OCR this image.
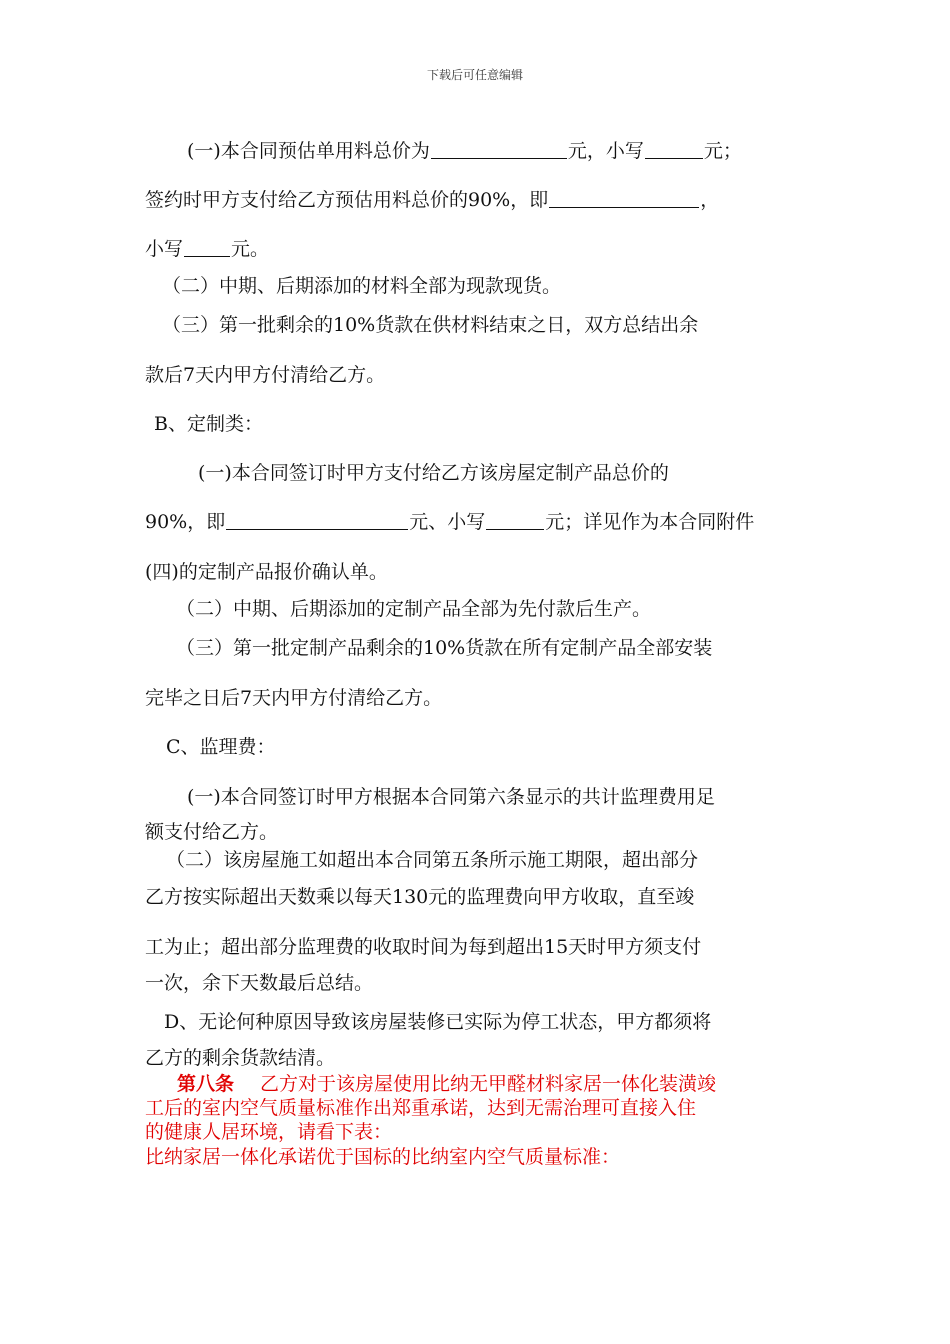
下载后可任意编辑
(一)本合同预估单用料总价为	元，小写	元；
签约时甲方支付给乙方预估用料总价的90%，即	，
小写	元。
（二）中期、后期添加的材料全部为现款现货。
（三）第一批剩余的10%货款在供材料结束之日，双方总结出余
款后7天内甲方付清给乙方。
B、定制类：
(一)本合同签订时甲方支付给乙方该房屋定制产品总价的
90%，即	元、小写	元；详见作为本合同附件
(四)的定制产品报价确认单。
（二）中期、后期添加的定制产品全部为先付款后生产。
（三）第一批定制产品剩余的10%货款在所有定制产品全部安装
完毕之日后7天内甲方付清给乙方。
C、监理费：
(一)本合同签订时甲方根据本合同第六条显示的共计监理费用足
额支付给乙方。
（二）该房屋施工如超出本合同第五条所示施工期限，超出部分
乙方按实际超出天数乘以每天130元的监理费向甲方收取，直至竣
工为止；超出部分监理费的收取时间为每到超出15天时甲方须支付
一次，余下天数最后总结。
D、无论何种原因导致该房屋装修已实际为停工状态，甲方都须将
乙方的剩余货款结清。
第八条 乙方对于该房屋使用比纳无甲醛材料家居一体化装潢竣
工后的室内空气质量标准作出郑重承诺，达到无需治理可直接入住
的健康人居环境，请看下表：
比纳家居一体化承诺优于国标的比纳室内空气质量标准：
